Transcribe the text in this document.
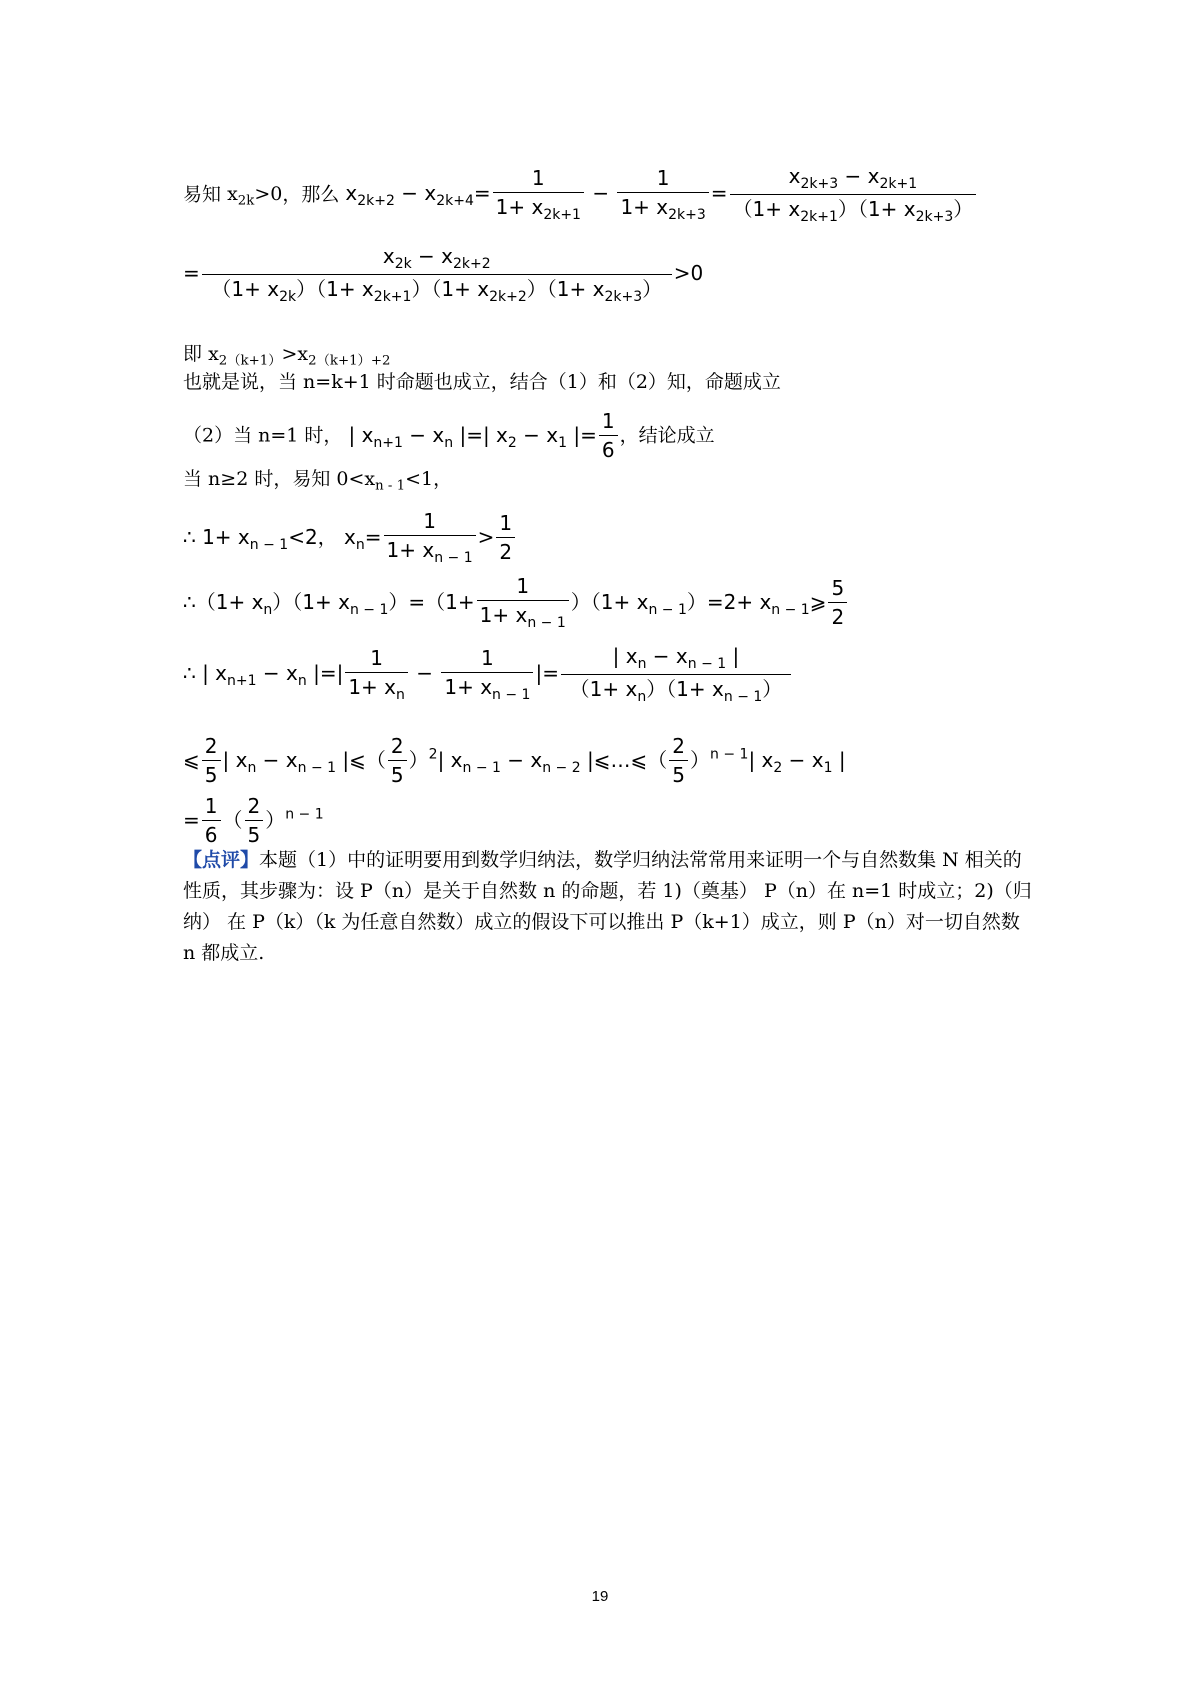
易知 $x_{2k}>0$，那么 $x_{2k+2} - x_{2k+4}= \frac{1}{1+ x_{2k+1}} - \frac{1}{1+ x_{2k+3}} = \frac{x_{2k+3} - x_{2k+1}}{(1+ x_{2k+1})(1+ x_{2k+3})}$
= $\frac{x_{2k} - x_{2k+2}}{(1+ x_{2k})(1+ x_{2k+1})(1+ x_{2k+2})(1+ x_{2k+3})} >0$
即 $x_{2(k+1)}>x_{2(k+1)+2}$
也就是说，当 n=k+1 时命题也成立，结合（1）和（2）知，命题成立
（2）当 n=1 时， | $x_{n+1} - x_n$ |=| $x_2 - x_1$ |= $\frac{1}{6}$ ，结论成立
当 n≥2 时，易知 $0<x_{n - 1}<1$，
∴ $1+ x_{n - 1}<2$， $x_n= \frac{1}{1+ x_{n - 1}} > \frac{1}{2}$
∴（1+ $x_n)(1+ x_{n - 1})=(1+ \frac{1}{1+ x_{n - 1}} )(1+ x_{n - 1})=2+$ $x_{n - 1}⩾ \frac{5}{2}$
∴ | $x_{n+1} - x_n$ |=| $\frac{1}{1+ x_n} - \frac{1}{1+ x_{n - 1}}$ |= $\frac{| x_n - x_{n - 1} |}{(1+ x_n)(1+ x_{n - 1})}$
⩽ $\frac{2}{5}$ | $x_n - x_{n - 1}$ |⩽（ $\frac{2}{5} )^2|$ $x_{n - 1} - x_{n - 2}$ |⩽…⩽（ $\frac{2}{5} )^{n - 1}|$ $x_2 - x_1$ |
= $\frac{1}{6}$ （ $\frac{2}{5} )^{n - 1}$
【点评】本题（1）中的证明要用到数学归纳法，数学归纳法常常用来证明一个与自然数集 N 相关的性质，其步骤为：设 P（n）是关于自然数 n 的命题，若 1)（奠基） P（n）在 n=1 时成立；2)（归纳） 在 P（k）（k 为任意自然数）成立的假设下可以推出 P（k+1）成立，则 P（n）对一切自然数 n 都成立.
19
